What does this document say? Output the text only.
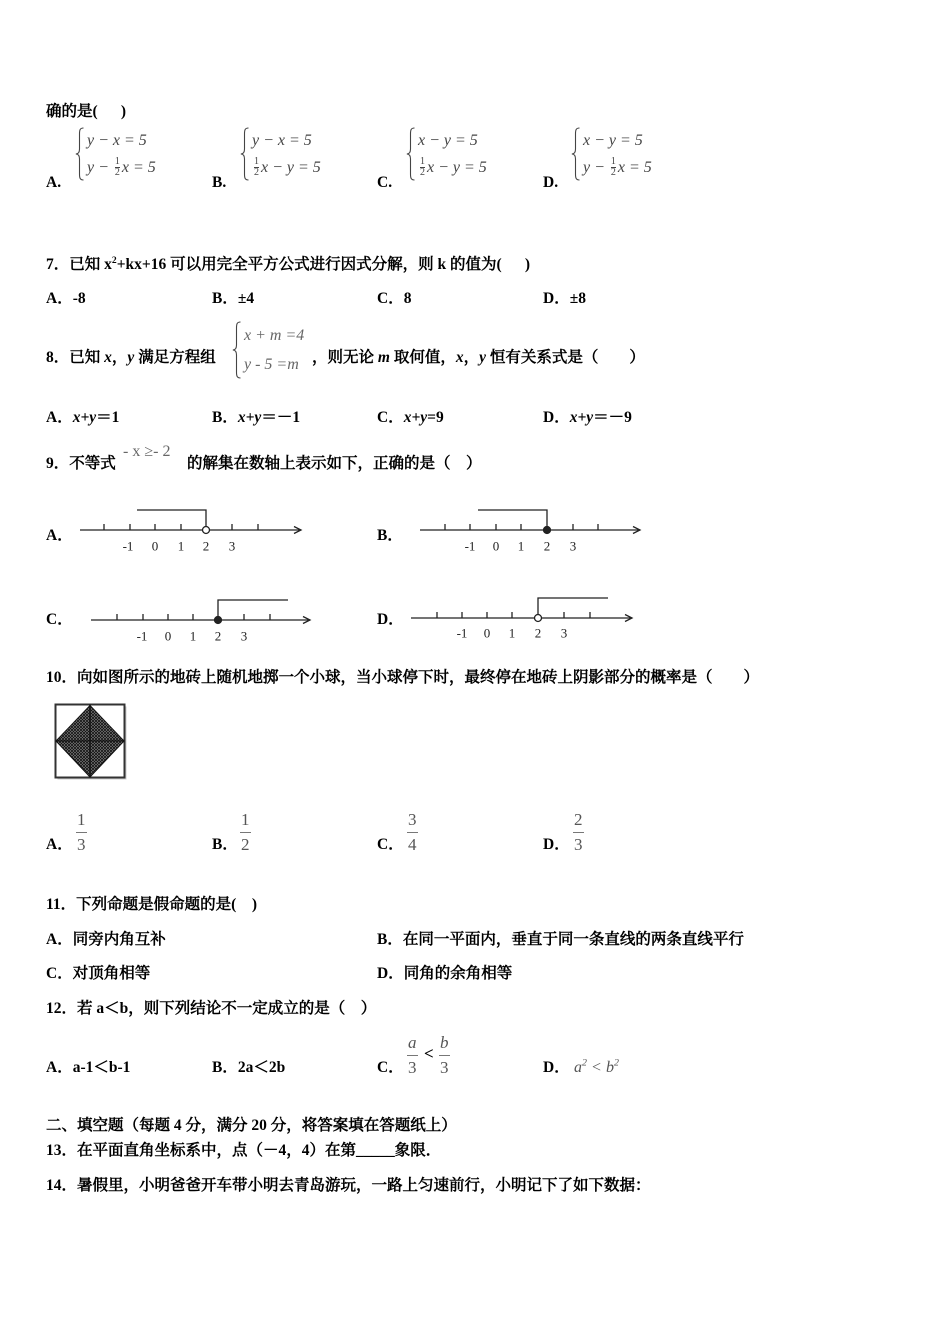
确的是(      )
A.
y − x = 5
$y - \frac{1}{2}$ x = 5
B.
y − x = 5
$\frac{1}{2}$ x − y = 5
C.
x − y = 5
$\frac{1}{2}$ x − y = 5
D.
x − y = 5
$y - \frac{1}{2}$ x = 5
7．已知 $x^2+kx+16$ 可以用完全平方公式进行因式分解，则 k 的值为(      )
A．-8	B．±4	C．8	D．±8
8．已知 x，y 满足方程组
x + m =4
y - 5 =m ，则无论 m 取何值，x，y 恒有关系式是（        ）
A．x+y＝1	B．x+y＝－1	C．x+y=9	D．x+y＝－9
9．不等式
- x ≥- 2
的解集在数轴上表示如下，正确的是（    ）
A．
-1 0 1 2 3
B．
-1 0 1 2 3
C．
-1 0 1 2 3
D．
-1 0 1 2 3
10．向如图所示的地砖上随机地掷一个小球，当小球停下时，最终停在地砖上阴影部分的概率是（        ）
A． $\frac{1}{3}$	B． $\frac{1}{2}$	C． $\frac{3}{4}$	D． $\frac{2}{3}$
11．下列命题是假命题的是(    )
A．同旁内角互补	B．在同一平面内，垂直于同一条直线的两条直线平行
C．对顶角相等	D．同角的余角相等
12．若 a＜b，则下列结论不一定成立的是（    ）
A．a-1＜b-1	B．2a＜2b	C． $\frac{a}{3} < \frac{b}{3}$	D． $a^2 < b^2$
二、填空题（每题 4 分，满分 20 分，将答案填在答题纸上）
13．在平面直角坐标系中，点（－4，4）在第_____象限．
14．暑假里，小明爸爸开车带小明去青岛游玩，一路上匀速前行，小明记下了如下数据：
